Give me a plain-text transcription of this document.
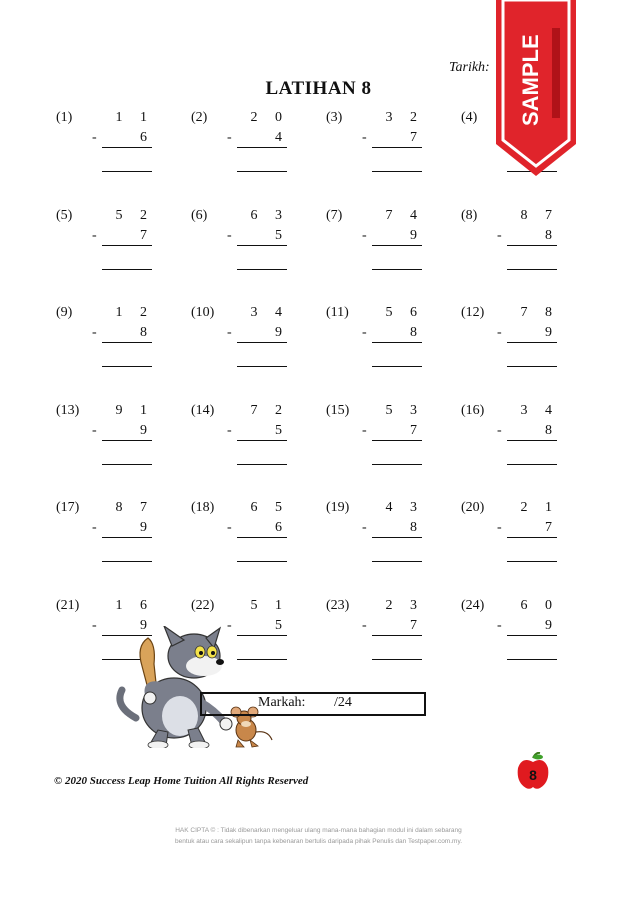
Tarikh:
LATIHAN 8
(1)	1 1
6
-
(2)	2 0
4
-
(3)	3 2
7
-
(4)
(5)	5 2
7
-
(6)	6 3
5
-
(7)	7 4
9
-
(8)	8 7
8
-
(9)	1 2
8
-
(10)	3 4
9
-
(11)	5 6
8
-
(12)	7 8
9
-
(13)	9 1
9
-
(14)	7 2
5
-
(15)	5 3
7
-
(16)	3 4
8
-
(17)	8 7
9
-
(18)	6 5
6
-
(19)	4 3
8
-
(20)	2 1
7
-
(21)	1 6
9
-
(22)	5 1
5
-
(23)	2 3
7
-
(24)	6 0
9
-
Markah: /24
© 2020 Success Leap Home Tuition All Rights Reserved
HAK CIPTA © : Tidak dibenarkan mengeluar ulang mana-mana bahagian modul ini dalam sebarang
bentuk atau cara sekalipun tanpa kebenaran bertulis daripada pihak Penulis dan Testpaper.com.my.
SAMPLE
8
